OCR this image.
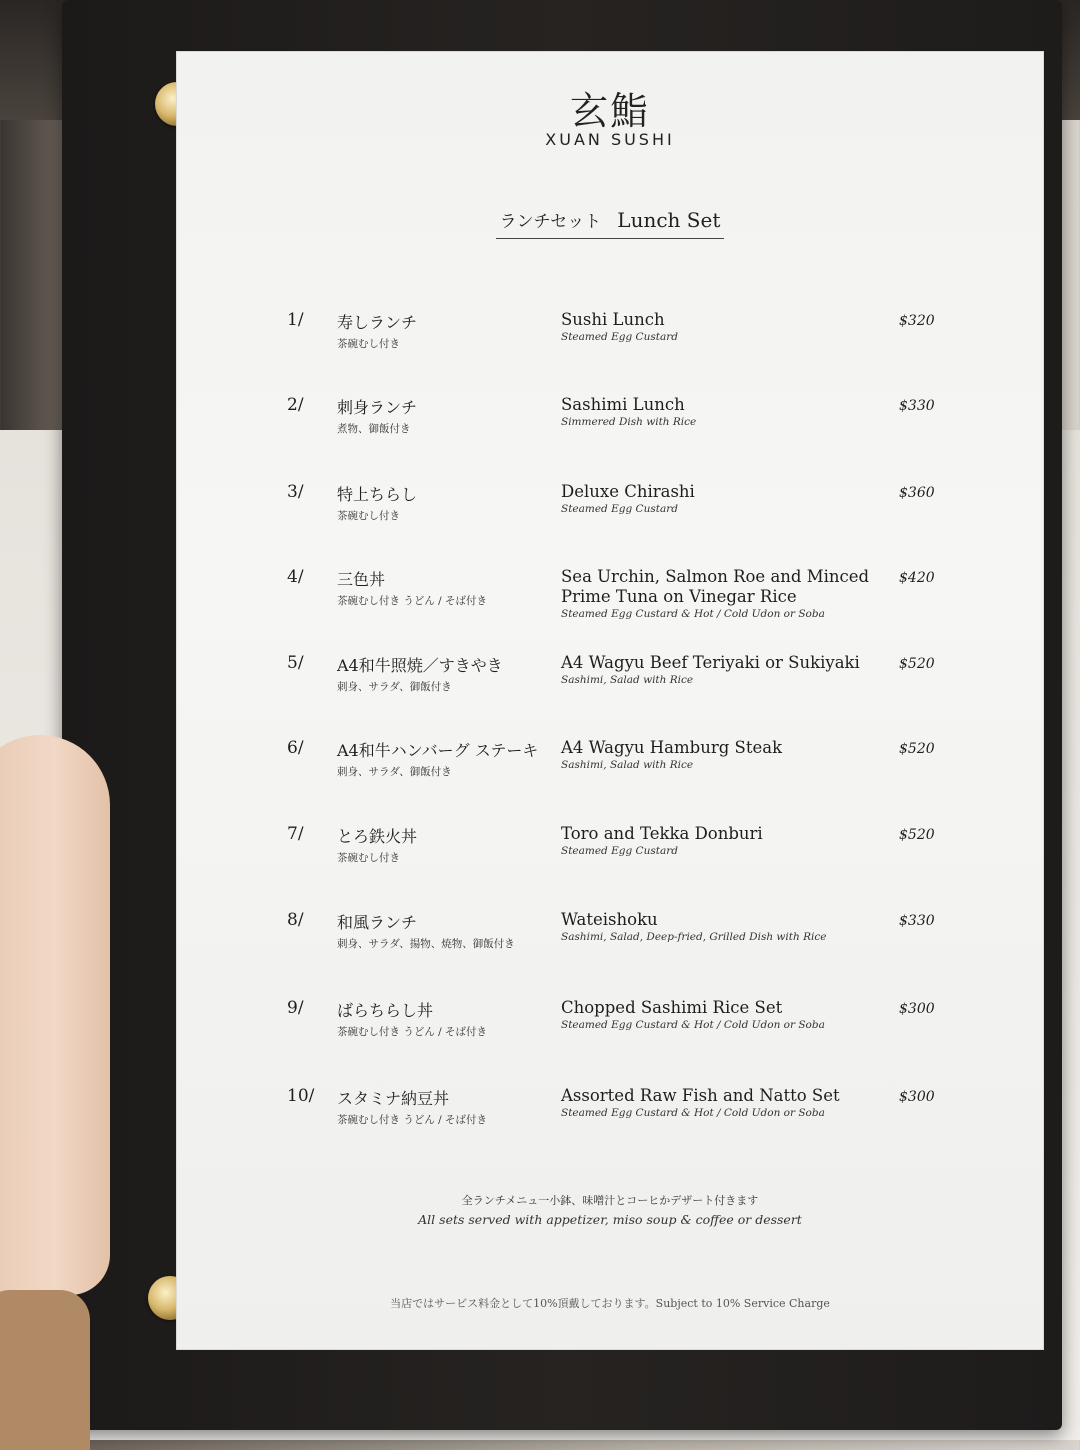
玄鮨
XUAN SUSHI
ランチセット Lunch Set
1/	寿しランチ
茶碗むし付き
Sushi Lunch
Steamed Egg Custard
$320
2/	刺身ランチ
煮物、御飯付き
Sashimi Lunch
Simmered Dish with Rice
$330
3/	特上ちらし
茶碗むし付き
Deluxe Chirashi
Steamed Egg Custard
$360
4/	三色丼
茶碗むし付き うどん / そば付き
Sea Urchin, Salmon Roe and Minced Prime Tuna on Vinegar Rice
Steamed Egg Custard & Hot / Cold Udon or Soba
$420
5/	A4和牛照焼／すきやき
刺身、サラダ、御飯付き
A4 Wagyu Beef Teriyaki or Sukiyaki
Sashimi, Salad with Rice
$520
6/	A4和牛ハンバーグ ステーキ
刺身、サラダ、御飯付き
A4 Wagyu Hamburg Steak
Sashimi, Salad with Rice
$520
7/	とろ鉄火丼
茶碗むし付き
Toro and Tekka Donburi
Steamed Egg Custard
$520
8/	和風ランチ
刺身、サラダ、揚物、焼物、御飯付き
Wateishoku
Sashimi, Salad, Deep-fried, Grilled Dish with Rice
$330
9/	ばらちらし丼
茶碗むし付き うどん / そば付き
Chopped Sashimi Rice Set
Steamed Egg Custard & Hot / Cold Udon or Soba
$300
10/	スタミナ納豆丼
茶碗むし付き うどん / そば付き
Assorted Raw Fish and Natto Set
Steamed Egg Custard & Hot / Cold Udon or Soba
$300
全ランチメニュ一小鉢、味噌汁とコーヒかデザート付きます
All sets served with appetizer, miso soup & coffee or dessert
当店ではサービス料金として10%頂戴しております。Subject to 10% Service Charge
